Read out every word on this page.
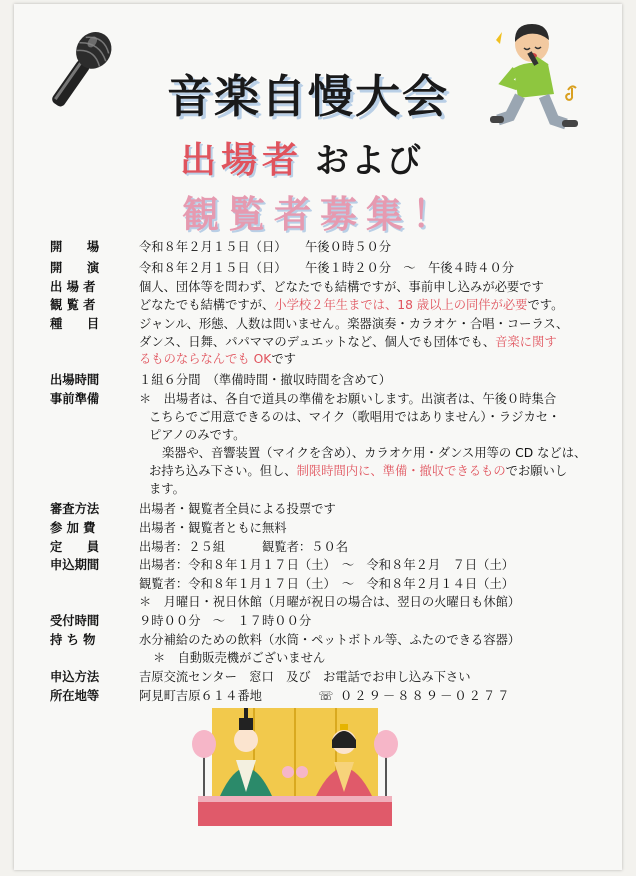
音楽自慢大会
出場者 および
観覧者募集！
開　　場	令和８年２月１５日（日）　　午後０時５０分
開　　演	令和８年２月１５日（日）　　午後１時２０分　～　午後４時４０分
出 場 者	個人、団体等を問わず、どなたでも結構ですが、事前申し込みが必要です
観 覧 者	どなたでも結構ですが、小学校２年生までは、18 歳以上の同伴が必要です。
種　　目	ジャンル、形態、人数は問いません。楽器演奏・カラオケ・合唱・コーラス、
ダンス、日舞、パパママのデュエットなど、個人でも団体でも、音楽に関す
るものならなんでも OKです
出場時間	１組６分間　（準備時間・撤収時間を含めて）
事前準備	＊　出場者は、各自で道具の準備をお願いします。出演者は、午後０時集合
こちらでご用意できるのは、マイク（歌唱用ではありません）・ラジカセ・
ピアノのみです。
楽器や、音響装置（マイクを含め）、カラオケ用・ダンス用等の CD などは、
お持ち込み下さい。但し、制限時間内に、準備・撤収できるものでお願いし
ます。
審査方法	出場者・観覧者全員による投票です
参 加 費	出場者・観覧者ともに無料
定　　員	出場者：２５組　　　観覧者：５０名
申込期間	出場者：令和８年１月１７日（土）　～　令和８年２月　７日（土）
観覧者：令和８年１月１７日（土）　～　令和８年２月１４日（土）
＊　月曜日・祝日休館（月曜が祝日の場合は、翌日の火曜日も休館）
受付時間	９時００分　～　１７時００分
持 ち 物	水分補給のための飲料（水筒・ペットボトル等、ふたのできる容器）
＊　自動販売機がございません
申込方法	吉原交流センター　窓口　及び　お電話でお申し込み下さい
所在地等	阿見町吉原６１４番地	☏ ０２９－８８９－０２７７
